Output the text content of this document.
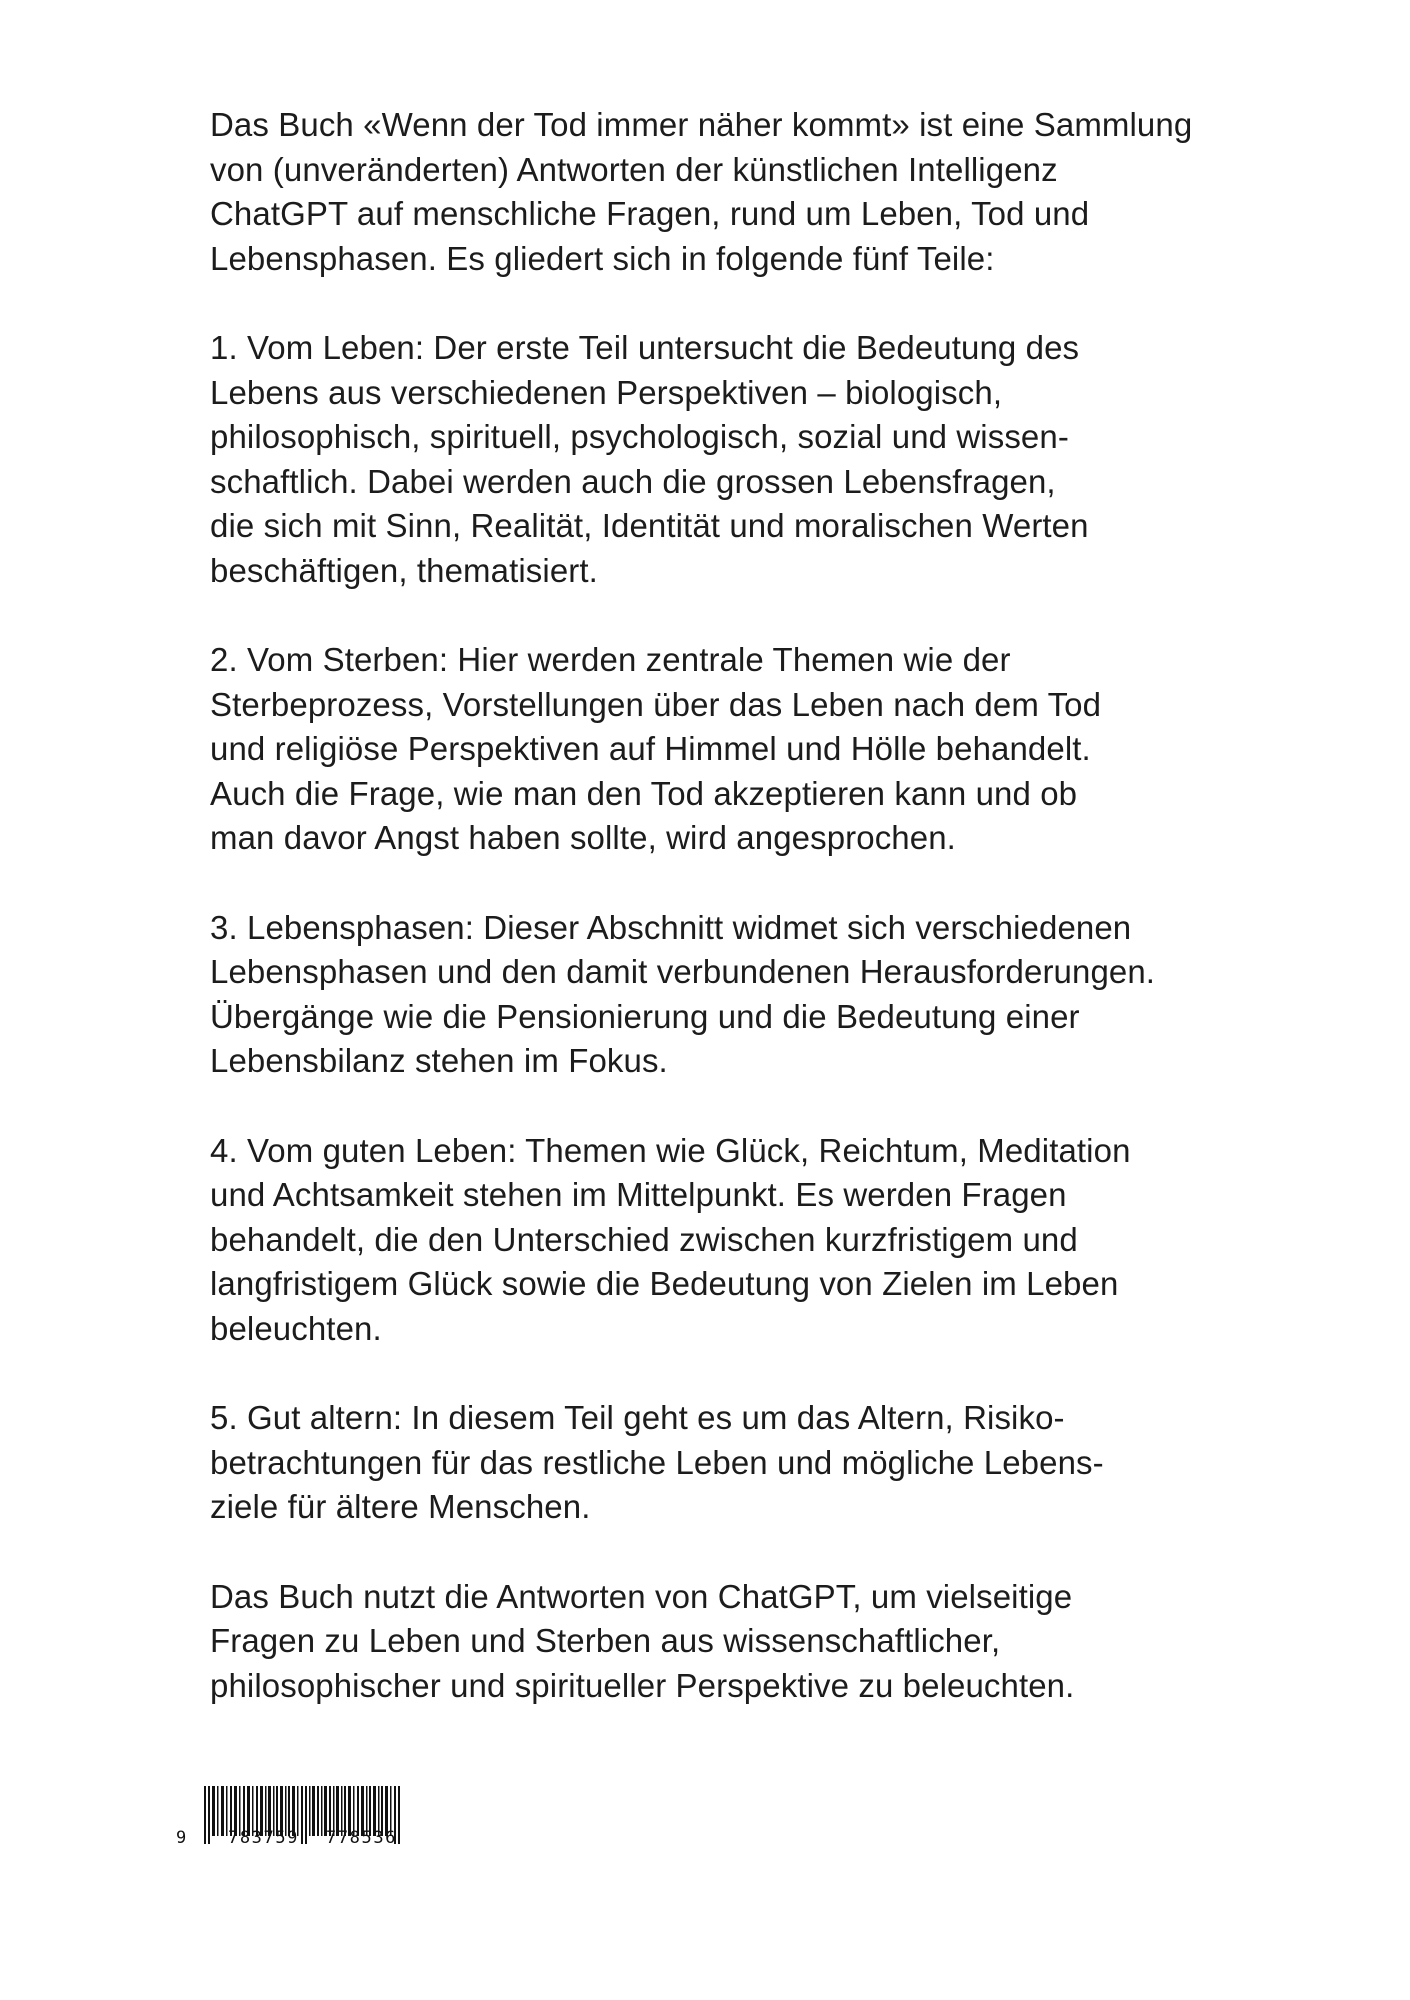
Das Buch «Wenn der Tod immer näher kommt» ist eine Sammlung
von (unveränderten) Antworten der künstlichen Intelligenz
ChatGPT auf menschliche Fragen, rund um Leben, Tod und
Lebensphasen. Es gliedert sich in folgende fünf Teile:

1. Vom Leben: Der erste Teil untersucht die Bedeutung des
Lebens aus verschiedenen Perspektiven – biologisch,
philosophisch, spirituell, psychologisch, sozial und wissen-
schaftlich. Dabei werden auch die grossen Lebensfragen,
die sich mit Sinn, Realität, Identität und moralischen Werten
beschäftigen, thematisiert.

2. Vom Sterben: Hier werden zentrale Themen wie der
Sterbeprozess, Vorstellungen über das Leben nach dem Tod
und religiöse Perspektiven auf Himmel und Hölle behandelt.
Auch die Frage, wie man den Tod akzeptieren kann und ob
man davor Angst haben sollte, wird angesprochen.

3. Lebensphasen: Dieser Abschnitt widmet sich verschiedenen
Lebensphasen und den damit verbundenen Herausforderungen.
Übergänge wie die Pensionierung und die Bedeutung einer
Lebensbilanz stehen im Fokus.

4. Vom guten Leben: Themen wie Glück, Reichtum, Meditation
und Achtsamkeit stehen im Mittelpunkt. Es werden Fragen
behandelt, die den Unterschied zwischen kurzfristigem und
langfristigem Glück sowie die Bedeutung von Zielen im Leben
beleuchten.

5. Gut altern: In diesem Teil geht es um das Altern, Risiko-
betrachtungen für das restliche Leben und mögliche Lebens-
ziele für ältere Menschen.

Das Buch nutzt die Antworten von ChatGPT, um vielseitige
Fragen zu Leben und Sterben aus wissenschaftlicher,
philosophischer und spiritueller Perspektive zu beleuchten.

9 783759 778536
